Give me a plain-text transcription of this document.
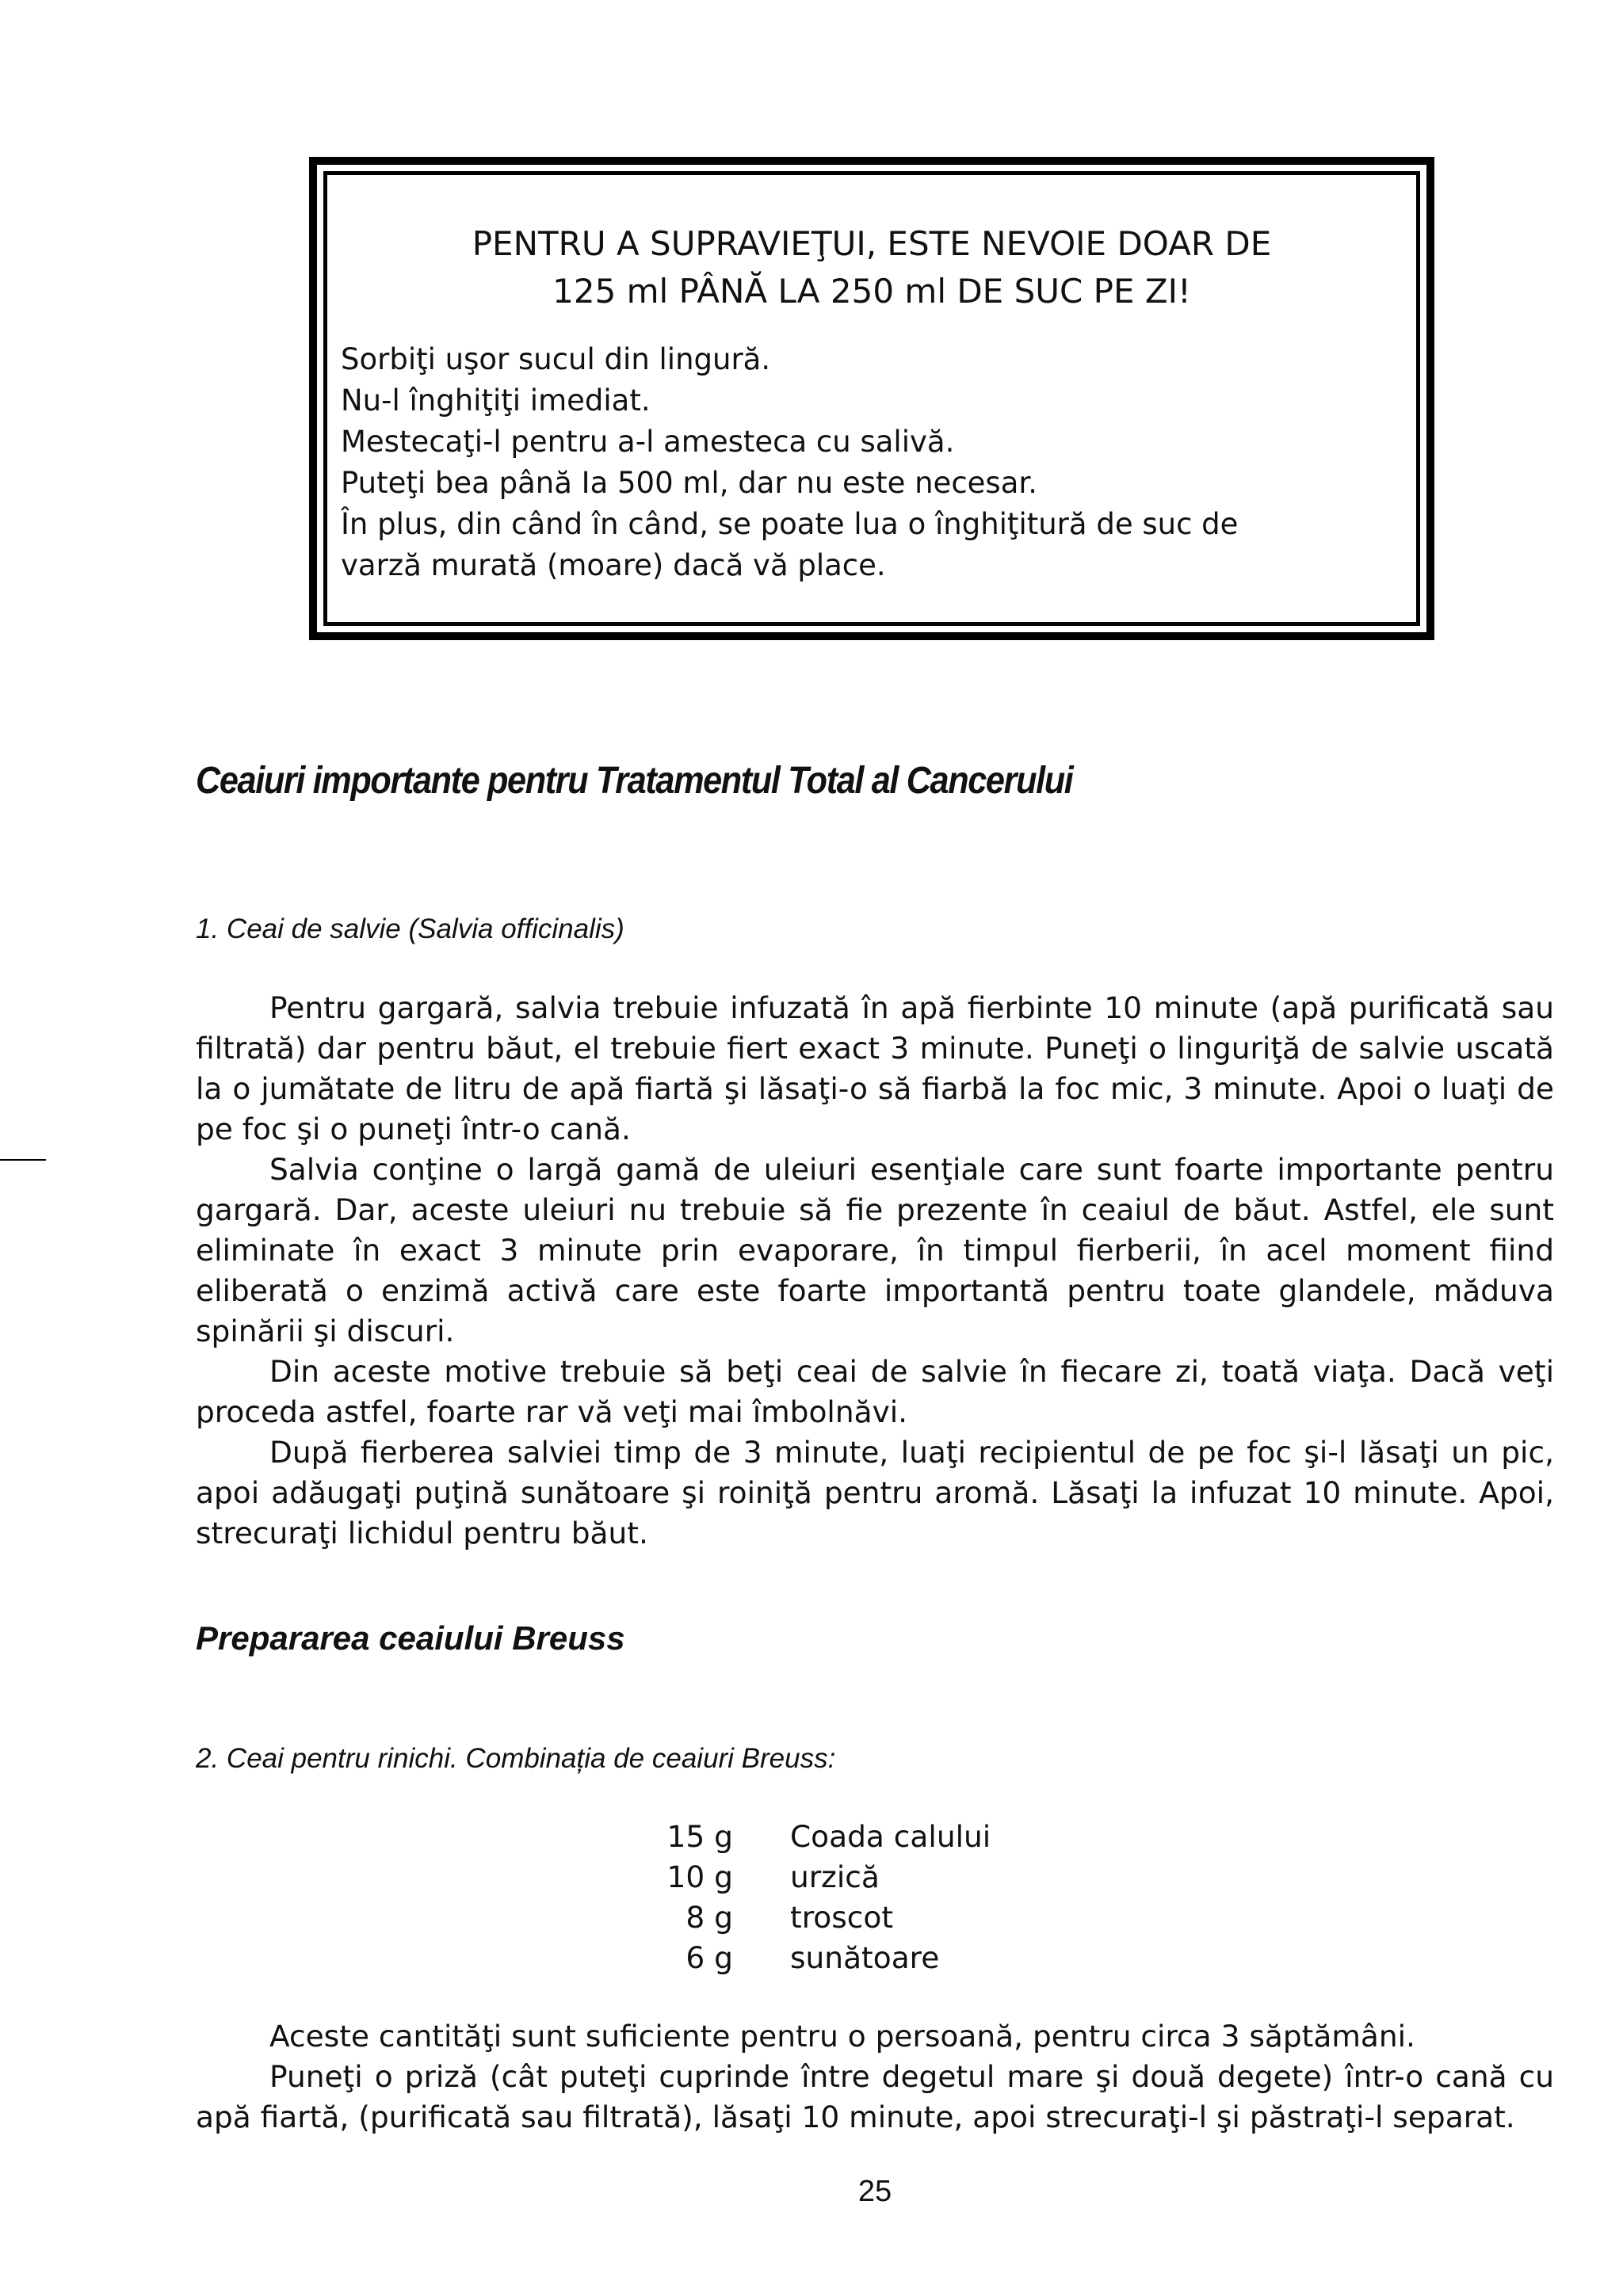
PENTRU A SUPRAVIEŢUI, ESTE NEVOIE DOAR DE
125 ml PÂNĂ LA 250 ml DE SUC PE ZI!
Sorbiţi uşor sucul din lingură.
Nu-l înghiţiţi imediat.
Mestecaţi-l pentru a-l amesteca cu salivă.
Puteţi bea până Ia 500 ml, dar nu este necesar.
În plus, din când în când, se poate lua o înghiţitură de suc de
varză murată (moare) dacă vă place.
Ceaiuri importante pentru Tratamentul Total al Cancerului
1. Ceai de salvie (Salvia officinalis)

Pentru gargară, salvia trebuie infuzată în apă fierbinte 10 minute (apă purificată sau filtrată) dar pentru băut, el trebuie fiert exact 3 minute. Puneţi o linguriţă de salvie uscată la o jumătate de litru de apă fiartă şi lăsaţi-o să fiarbă la foc mic, 3 minute. Apoi o luaţi de pe foc şi o puneţi într-o cană.

Salvia conţine o largă gamă de uleiuri esenţiale care sunt foarte importante pentru gargară. Dar, aceste uleiuri nu trebuie să fie prezente în ceaiul de băut. Astfel, ele sunt eliminate în exact 3 minute prin evaporare, în timpul fierberii, în acel moment fiind eliberată o enzimă activă care este foarte importantă pentru toate glandele, măduva spinării şi discuri.

Din aceste motive trebuie să beţi ceai de salvie în fiecare zi, toată viaţa. Dacă veţi proceda astfel, foarte rar vă veţi mai îmbolnăvi.

După fierberea salviei timp de 3 minute, luaţi recipientul de pe foc şi-l lăsaţi un pic, apoi adăugaţi puţină sunătoare şi roiniţă pentru aromă. Lăsaţi la infuzat 10 minute. Apoi, strecuraţi lichidul pentru băut.

Prepararea ceaiului Breuss
2. Ceai pentru rinichi. Combinația de ceaiuri Breuss:
15 g Coada calului
10 g urzică
8 g troscot
6 g sunătoare

Aceste cantităţi sunt suficiente pentru o persoană, pentru circa 3 săptămâni.

Puneţi o priză (cât puteţi cuprinde între degetul mare şi două degete) într-o cană cu apă fiartă, (purificată sau filtrată), lăsaţi 10 minute, apoi strecuraţi-l şi păstraţi-l separat.

25
